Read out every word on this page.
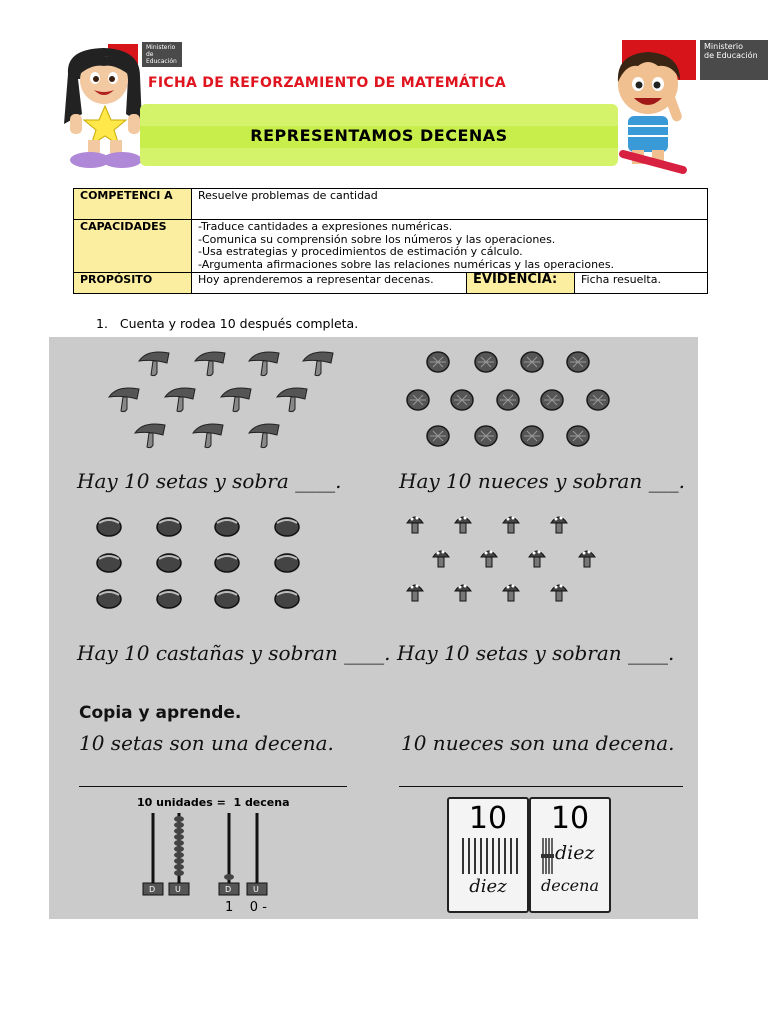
Ministerio de Educación
Ministerio
de Educación
FICHA DE REFORZAMIENTO DE MATEMÁTICA
REPRESENTAMOS DECENAS
COMPETENCI A	Resuelve problemas de cantidad		
CAPACIDADES	-Traduce cantidades a expresiones numéricas.
-Comunica su comprensión sobre los números y las operaciones.
-Usa estrategias y procedimientos de estimación y cálculo.
-Argumenta afirmaciones sobre las relaciones numéricas y las operaciones.		

PROPÓSITO	Hoy aprenderemos a representar decenas.	EVIDENCIA:	Ficha resuelta.
1.   Cuenta y rodea 10 después completa.
Hay 10 setas y sobra ____.	Hay 10 nueces y sobran ___.
Hay 10 castañas y sobran ____. Hay 10 setas y sobran ____.
Copia y aprende.
10 setas son una decena.	10 nueces son una decena.
10 unidades =  1 decena
D U	D	U
1    0 -
10
diez
10
diez
decena
